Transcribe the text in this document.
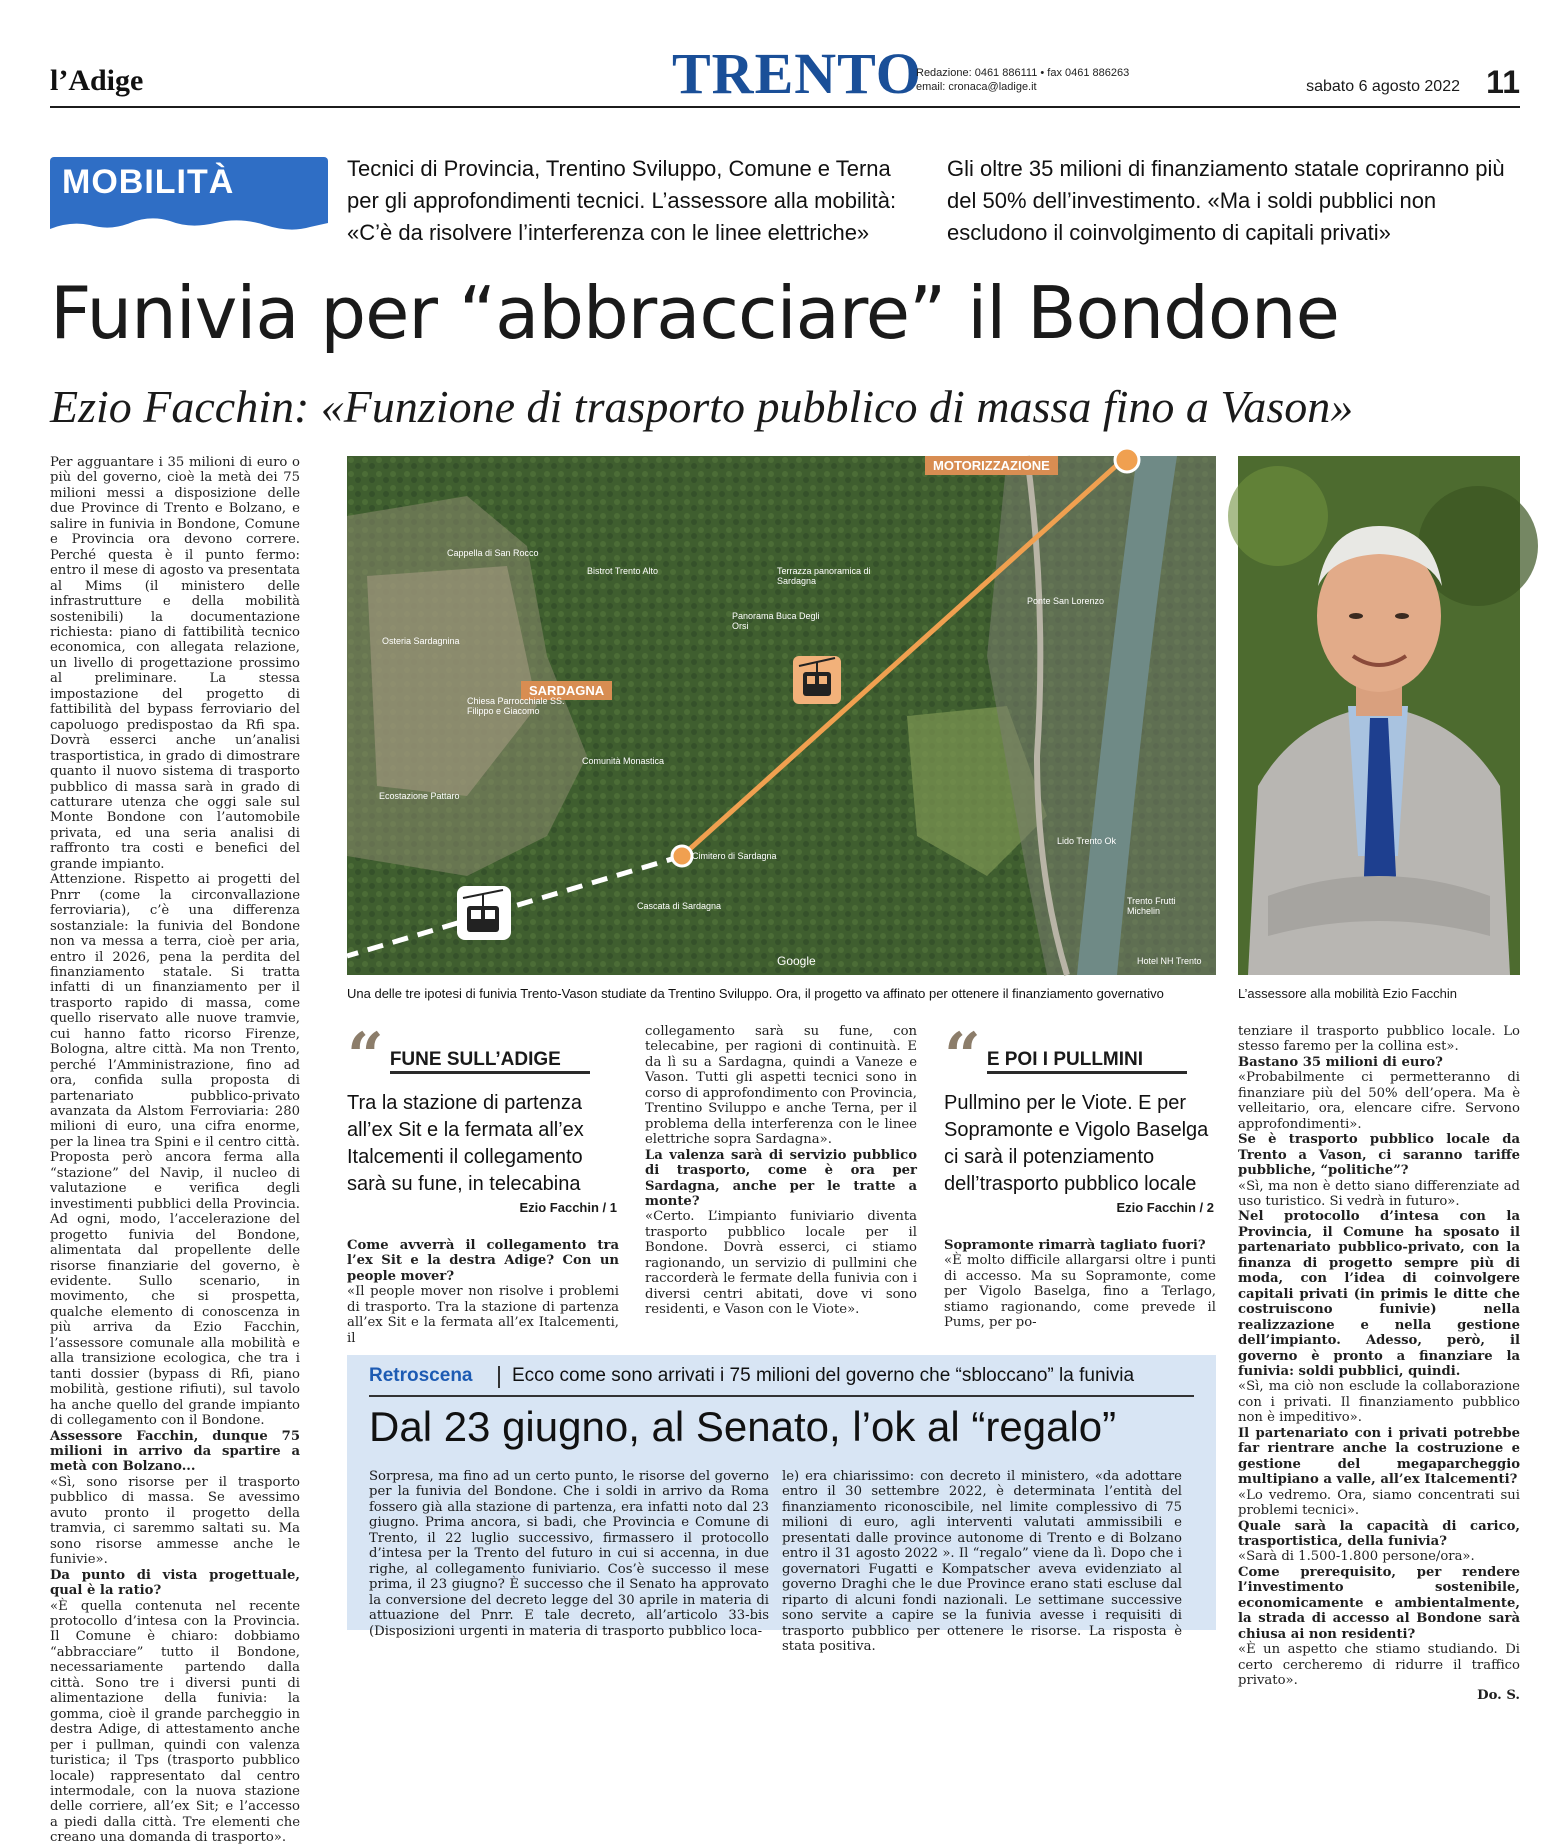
l’Adige	TRENTO
Redazione: 0461 886111 • fax 0461 886263
email: cronaca@ladige.it	sabato 6 agosto 2022 11
MOBILITÀ	Tecnici di Provincia, Trentino Sviluppo, Comune e Terna per gli approfondimenti tecnici. L’assessore alla mobilità: «C’è da risolvere l’interferenza con le linee elettriche»
Gli oltre 35 milioni di finanziamento statale copriranno più del 50% dell’investimento. «Ma i soldi pubblici non escludono il coinvolgimento di capitali privati»
Funivia per “abbracciare” il Bondone
Ezio Facchin: «Funzione di trasporto pubblico di massa fino a Vason»

Per agguantare i 35 milioni di euro o più del governo, cioè la metà dei 75 milioni messi a disposizione delle due Province di Trento e Bolzano, e salire in funivia in Bondone, Comune e Provincia ora devono correre. Perché questa è il punto fermo: entro il mese di agosto va presentata al Mims (il ministero delle infrastrutture e della mobilità sostenibili) la documentazione richiesta: piano di fattibilità tecnico economica, con allegata relazione, un livello di progettazione prossimo al preliminare. La stessa impostazione del progetto di fattibilità del bypass ferroviario del capoluogo predispostao da Rfi spa. Dovrà esserci anche un’analisi trasportistica, in grado di dimostrare quanto il nuovo sistema di trasporto pubblico di massa sarà in grado di catturare utenza che oggi sale sul Monte Bondone con l’automobile privata, ed una seria analisi di raffronto tra costi e benefici del grande impianto.

Attenzione. Rispetto ai progetti del Pnrr (come la circonvallazione ferroviaria), c’è una differenza sostanziale: la funivia del Bondone non va messa a terra, cioè per aria, entro il 2026, pena la perdita del finanziamento statale. Si tratta infatti di un finanziamento per il trasporto rapido di massa, come quello riservato alle nuove tramvie, cui hanno fatto ricorso Firenze, Bologna, altre città. Ma non Trento, perché l’Amministrazione, fino ad ora, confida sulla proposta di partenariato pubblico-privato avanzata da Alstom Ferroviaria: 280 milioni di euro, una cifra enorme, per la linea tra Spini e il centro città. Proposta però ancora ferma alla “stazione” del Navip, il nucleo di valutazione e verifica degli investimenti pubblici della Provincia. Ad ogni, modo, l’accelerazione del progetto funivia del Bondone, alimentata dal propellente delle risorse finanziarie del governo, è evidente. Sullo scenario, in movimento, che si prospetta, qualche elemento di conoscenza in più arriva da Ezio Facchin, l’assessore comunale alla mobilità e alla transizione ecologica, che tra i tanti dossier (bypass di Rfi, piano mobilità, gestione rifiuti), sul tavolo ha anche quello del grande impianto di collegamento con il Bondone.

Assessore Facchin, dunque 75 milioni in arrivo da spartire a metà con Bolzano...

«Sì, sono risorse per il trasporto pubblico di massa. Se avessimo avuto pronto il progetto della tramvia, ci saremmo saltati su. Ma sono risorse ammesse anche le funivie».

Da punto di vista progettuale, qual è la ratio?

«È quella contenuta nel recente protocollo d’intesa con la Provincia. Il Comune è chiaro: dobbiamo “abbracciare” tutto il Bondone, necessariamente partendo dalla città. Sono tre i diversi punti di alimentazione della funivia: la gomma, cioè il grande parcheggio in destra Adige, di attestamento anche per i pullman, quindi con valenza turistica; il Tps (trasporto pubblico locale) rappresentato dal centro intermodale, con la nuova stazione delle corriere, all’ex Sit; e l’accesso a piedi dalla città. Tre elementi che creano una domanda di trasporto».

SARDAGNA
MOTORIZZAZIONE
Google
Cappella di San Rocco
Bistrot Trento Alto	Terrazza panoramica di Sardagna
Panorama Buca Degli Orsi
Osteria Sardagnina
Chiesa Parrocchiale SS. Filippo e Giacomo
Comunità Monastica
Cimitero di Sardagna
Cascata di Sardagna
Ecostazione Pattaro
Lido Trento Ok
Ponte San Lorenzo
Hotel NH Trento
Trento Frutti Michelin
Una delle tre ipotesi di funivia Trento-Vason studiate da Trentino Sviluppo. Ora, il progetto va affinato per ottenere il finanziamento governativo	L’assessore alla mobilità Ezio Facchin
“ FUNE SULL’ADIGE
Tra la stazione di partenza all’ex Sit e la fermata all’ex Italcementi il collegamento sarà su fune, in telecabina
Ezio Facchin / 1
“ E POI I PULLMINI
Pullmino per le Viote. E per Sopramonte e Vigolo Baselga ci sarà il potenziamento dell’trasporto pubblico locale
Ezio Facchin / 2

Come avverrà il collegamento tra l’ex Sit e la destra Adige? Con un people mover?

«Il people mover non risolve i problemi di trasporto. Tra la stazione di partenza all’ex Sit e la fermata all’ex Italcementi, il

collegamento sarà su fune, con telecabine, per ragioni di continuità. E da lì su a Sardagna, quindi a Vaneze e Vason. Tutti gli aspetti tecnici sono in corso di approfondimento con Provincia, Trentino Sviluppo e anche Terna, per il problema della interferenza con le linee elettriche sopra Sardagna».

La valenza sarà di servizio pubblico di trasporto, come è ora per Sardagna, anche per le tratte a monte?

«Certo. L’impianto funiviario diventa trasporto pubblico locale per il Bondone. Dovrà esserci, ci stiamo ragionando, un servizio di pullmini che raccorderà le fermate della funivia con i diversi centri abitati, dove vi sono residenti, e Vason con le Viote».

Sopramonte rimarrà tagliato fuori?

«È molto difficile allargarsi oltre i punti di accesso. Ma su Sopramonte, come per Vigolo Baselga, fino a Terlago, stiamo ragionando, come prevede il Pums, per po-

tenziare il trasporto pubblico locale. Lo stesso faremo per la collina est».

Bastano 35 milioni di euro?

«Probabilmente ci permetteranno di finanziare più del 50% dell’opera. Ma è velleitario, ora, elencare cifre. Servono approfondimenti».

Se è trasporto pubblico locale da Trento a Vason, ci saranno tariffe pubbliche, “politiche”?

«Sì, ma non è detto siano differenziate ad uso turistico. Si vedrà in futuro».

Nel protocollo d’intesa con la Provincia, il Comune ha sposato il partenariato pubblico-privato, con la finanza di progetto sempre più di moda, con l’idea di coinvolgere capitali privati (in primis le ditte che costruiscono funivie) nella realizzazione e nella gestione dell’impianto. Adesso, però, il governo è pronto a finanziare la funivia: soldi pubblici, quindi.

«Sì, ma ciò non esclude la collaborazione con i privati. Il finanziamento pubblico non è impeditivo».

Il partenariato con i privati potrebbe far rientrare anche la costruzione e gestione del megaparcheggio multipiano a valle, all’ex Italcementi?

«Lo vedremo. Ora, siamo concentrati sui problemi tecnici».

Quale sarà la capacità di carico, trasportistica, della funivia?

«Sarà di 1.500-1.800 persone/ora».

Come prerequisito, per rendere l’investimento sostenibile, economicamente e ambientalmente, la strada di accesso al Bondone sarà chiusa ai non residenti?

«È un aspetto che stiamo studiando. Di certo cercheremo di ridurre il traffico privato».

Do. S.

Retroscena Ecco come sono arrivati i 75 milioni del governo che “sbloccano” la funivia
Dal 23 giugno, al Senato, l’ok al “regalo”
Sorpresa, ma fino ad un certo punto, le risorse del governo per la funivia del Bondone. Che i soldi in arrivo da Roma fossero già alla stazione di partenza, era infatti noto dal 23 giugno. Prima ancora, si badi, che Provincia e Comune di Trento, il 22 luglio successivo, firmassero il protocollo d’intesa per la Trento del futuro in cui si accenna, in due righe, al collegamento funiviario. Cos’è successo il mese prima, il 23 giugno? È successo che il Senato ha approvato la conversione del decreto legge del 30 aprile in materia di attuazione del Pnrr. E tale decreto, all’articolo 33-bis (Disposizioni urgenti in materia di trasporto pubblico loca-
le) era chiarissimo: con decreto il ministero, «da adottare entro il 30 settembre 2022, è determinata l’entità del finanziamento riconoscibile, nel limite complessivo di 75 milioni di euro, agli interventi valutati ammissibili e presentati dalle province autonome di Trento e di Bolzano entro il 31 agosto 2022 ». Il “regalo” viene da lì. Dopo che i governatori Fugatti e Kompatscher aveva evidenziato al governo Draghi che le due Province erano stati escluse dal riparto di alcuni fondi nazionali. Le settimane successive sono servite a capire se la funivia avesse i requisiti di trasporto pubblico per ottenere le risorse. La risposta è stata positiva.
